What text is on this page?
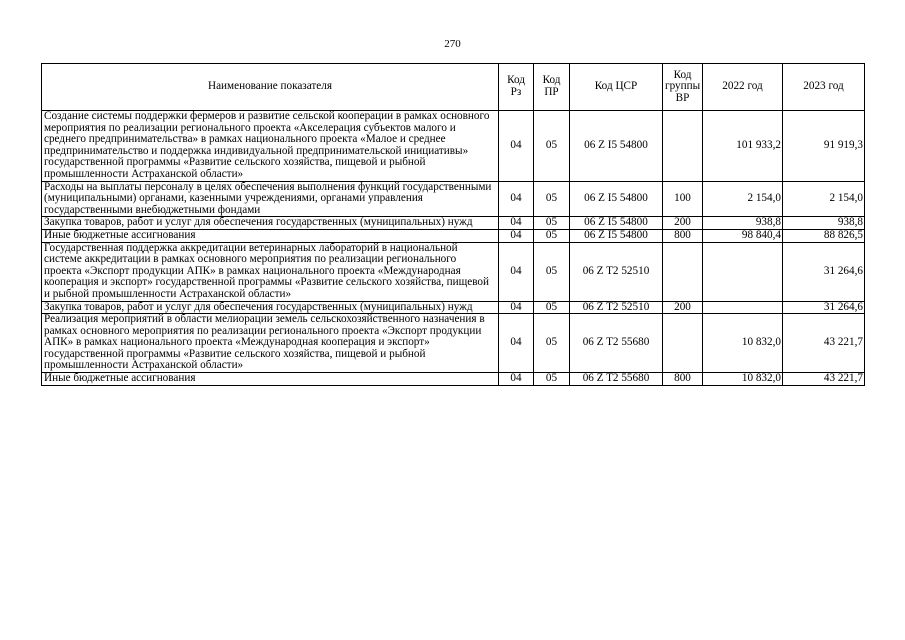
270
Наименование показателя	Код Рз	Код ПР	Код ЦСР	Код группы ВР	2022 год	2023 год
Создание системы поддержки фермеров и развитие сельской кооперации в рамках основного мероприятия по реализации регионального проекта «Акселерация субъектов малого и среднего предпринимательства» в рамках национального проекта «Малое и среднее предпринимательство и поддержка индивидуальной предпринимательской инициативы» государственной программы «Развитие сельского хозяйства, пищевой и рыбной промышленности Астраханской области»	04	05	06 Z I5 54800		101 933,2	91 919,3
Расходы на выплаты персоналу в целях обеспечения выполнения функций государственными (муниципальными) органами, казенными учреждениями, органами управления государственными внебюджетными фондами	04	05	06 Z I5 54800	100	2 154,0	2 154,0
Закупка товаров, работ и услуг для обеспечения государственных (муниципальных) нужд	04	05	06 Z I5 54800	200	938,8	938,8
Иные бюджетные ассигнования	04	05	06 Z I5 54800	800	98 840,4	88 826,5
Государственная поддержка аккредитации ветеринарных лабораторий в национальной системе аккредитации в рамках основного мероприятия по реализации регионального проекта «Экспорт продукции АПК» в рамках национального проекта «Международная кооперация и экспорт» государственной программы «Развитие сельского хозяйства, пищевой и рыбной промышленности Астраханской области»	04	05	06 Z T2 52510			31 264,6
Закупка товаров, работ и услуг для обеспечения государственных (муниципальных) нужд	04	05	06 Z T2 52510	200		31 264,6
Реализация мероприятий в области мелиорации земель сельскохозяйственного назначения в рамках основного мероприятия по реализации регионального проекта «Экспорт продукции АПК» в рамках национального проекта «Международная кооперация и экспорт» государственной программы «Развитие сельского хозяйства, пищевой и рыбной промышленности Астраханской области»	04	05	06 Z T2 55680		10 832,0	43 221,7
Иные бюджетные ассигнования	04	05	06 Z T2 55680	800	10 832,0	43 221,7
